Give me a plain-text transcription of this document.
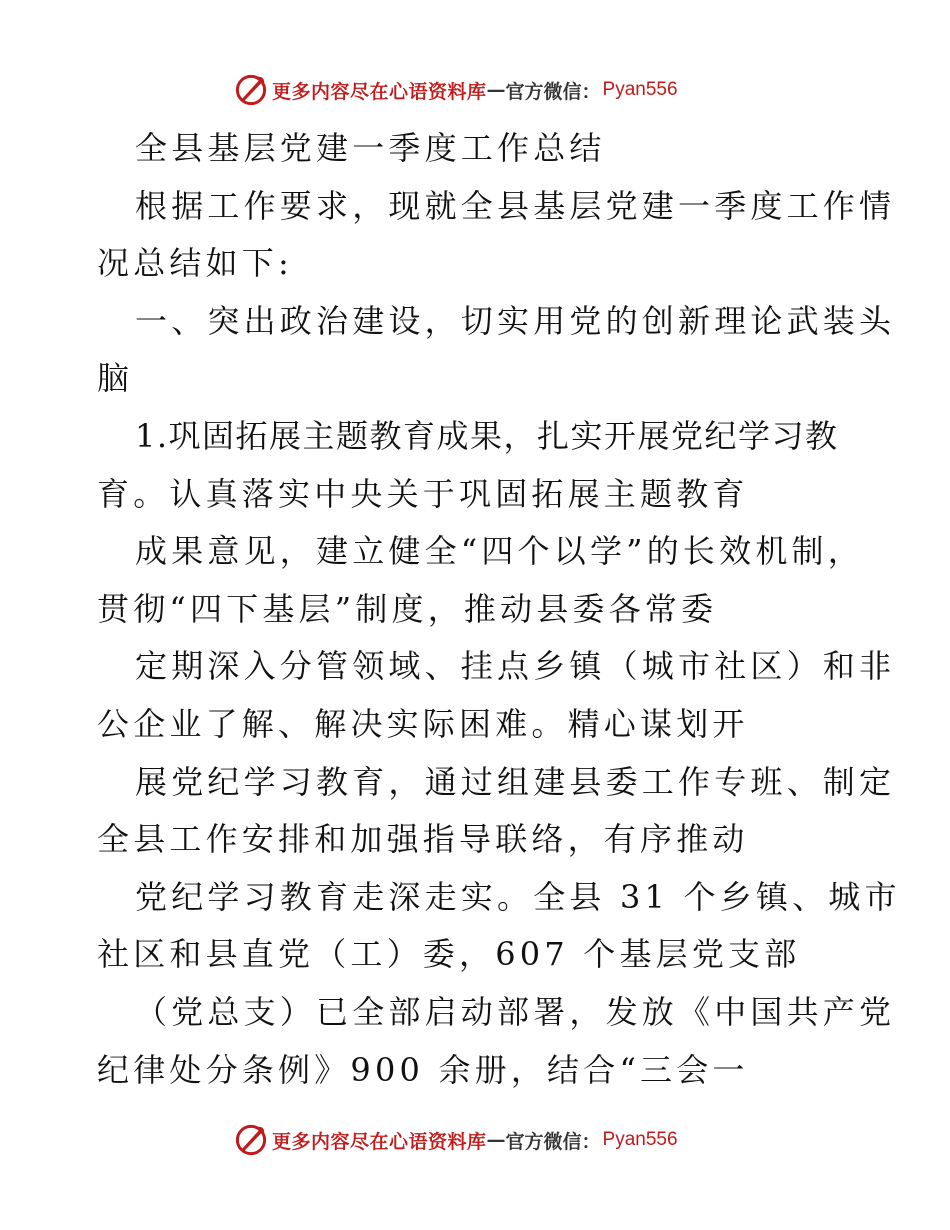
更多内容尽在心语资料库 — 官方微信： Pyan556
全县基层党建一季度工作总结
根据工作要求，现就全县基层党建一季度工作情
况总结如下:
一、突出政治建设，切实用党的创新理论武装头
脑
1.巩固拓展主题教育成果，扎实开展党纪学习教
育。认真落实中央关于巩固拓展主题教育
成果意见，建立健全“四个以学”的长效机制，
贯彻“四下基层”制度，推动县委各常委
定期深入分管领域、挂点乡镇（城市社区）和非
公企业了解、解决实际困难。精心谋划开
展党纪学习教育，通过组建县委工作专班、制定
全县工作安排和加强指导联络，有序推动
党纪学习教育走深走实。全县 31 个乡镇、城市
社区和县直党（工）委，607 个基层党支部
（党总支）已全部启动部署，发放《中国共产党
纪律处分条例》900 余册，结合“三会一
更多内容尽在心语资料库 — 官方微信： Pyan556
